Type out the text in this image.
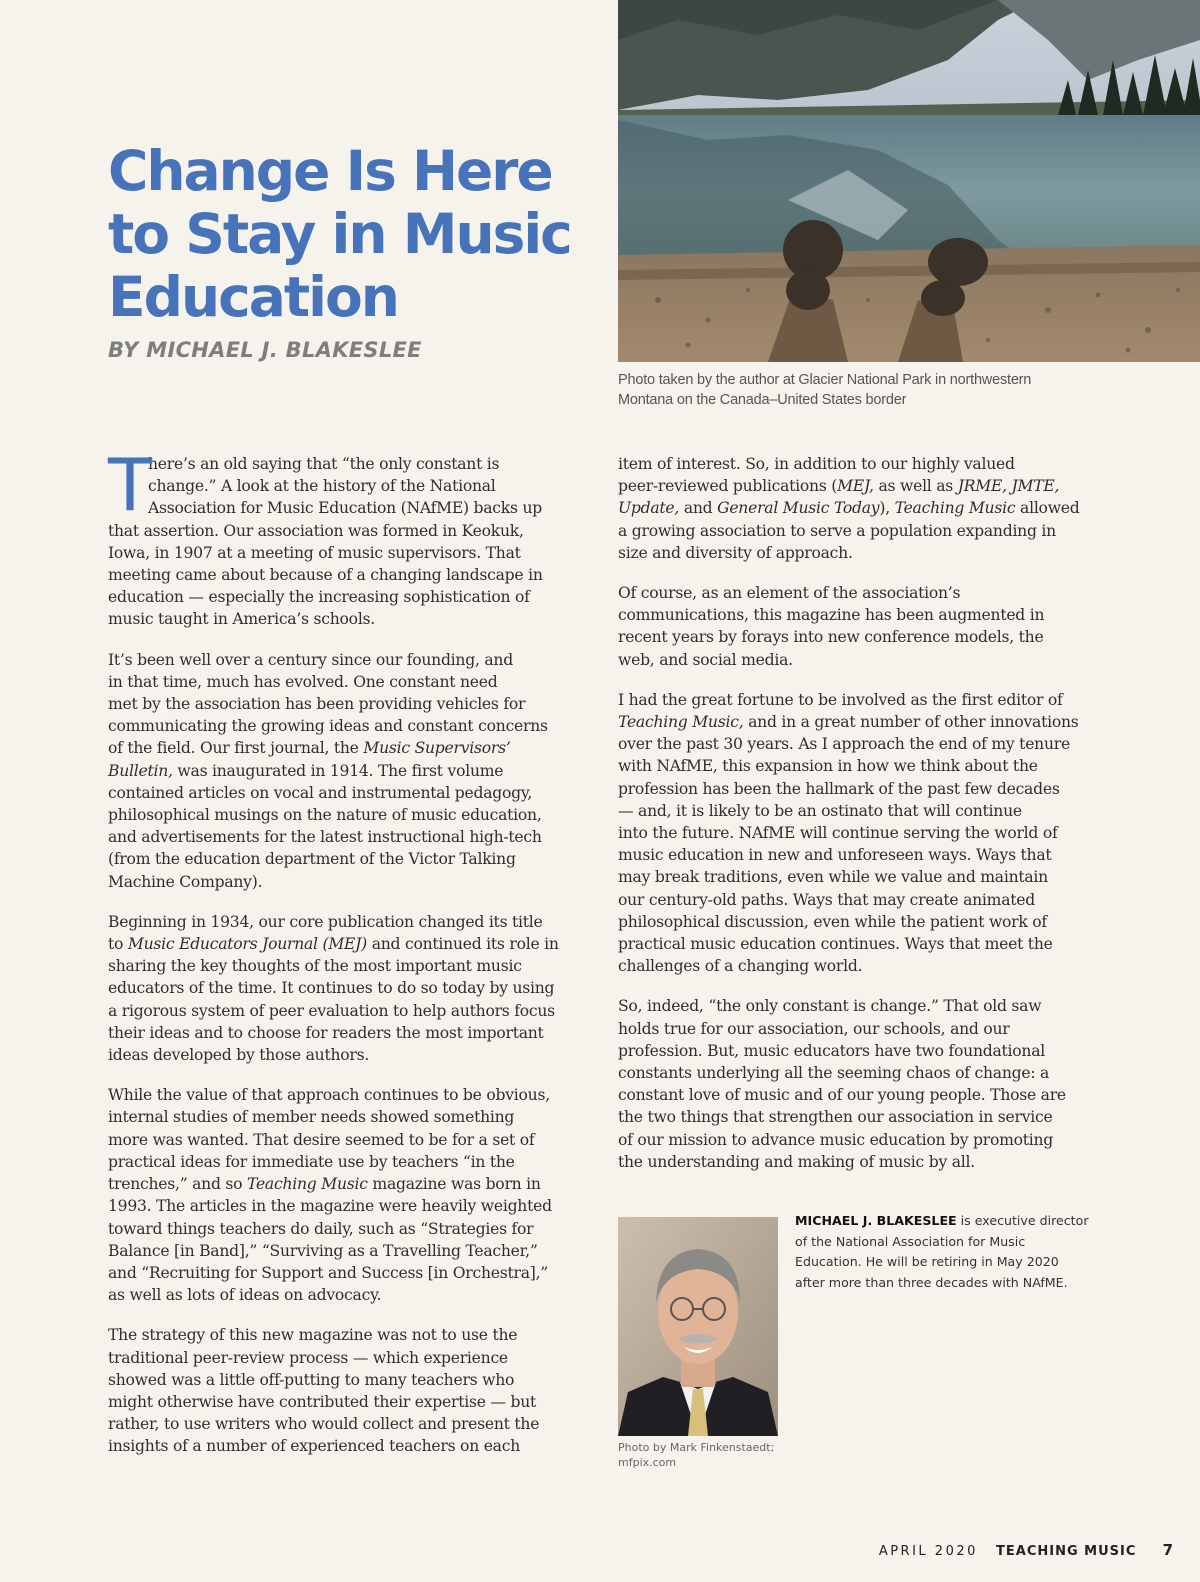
Change Is Here
to Stay in Music
Education
BY MICHAEL J. BLAKESLEE
Photo taken by the author at Glacier National Park in northwestern
Montana on the Canada–United States border

T
here’s an old saying that “the only constant is
change.” A look at the history of the National
Association for Music Education (NAfME) backs up
that assertion. Our association was formed in Keokuk,
Iowa, in 1907 at a meeting of music supervisors. That
meeting came about because of a changing landscape in
education — especially the increasing sophistication of
music taught in America’s schools.

It’s been well over a century since our founding, and
in that time, much has evolved. One constant need
met by the association has been providing vehicles for
communicating the growing ideas and constant concerns
of the field. Our first journal, the Music Supervisors’
Bulletin, was inaugurated in 1914. The first volume
contained articles on vocal and instrumental pedagogy,
philosophical musings on the nature of music education,
and advertisements for the latest instructional high-tech
(from the education department of the Victor Talking
Machine Company).

Beginning in 1934, our core publication changed its title
to Music Educators Journal (MEJ) and continued its role in
sharing the key thoughts of the most important music
educators of the time. It continues to do so today by using
a rigorous system of peer evaluation to help authors focus
their ideas and to choose for readers the most important
ideas developed by those authors.

While the value of that approach continues to be obvious,
internal studies of member needs showed something
more was wanted. That desire seemed to be for a set of
practical ideas for immediate use by teachers “in the
trenches,” and so Teaching Music magazine was born in
1993. The articles in the magazine were heavily weighted
toward things teachers do daily, such as “Strategies for
Balance [in Band],” “Surviving as a Travelling Teacher,”
and “Recruiting for Support and Success [in Orchestra],”
as well as lots of ideas on advocacy.

The strategy of this new magazine was not to use the
traditional peer-review process — which experience
showed was a little off-putting to many teachers who
might otherwise have contributed their expertise — but
rather, to use writers who would collect and present the
insights of a number of experienced teachers on each

item of interest. So, in addition to our highly valued
peer-reviewed publications (MEJ, as well as JRME, JMTE,
Update, and General Music Today), Teaching Music allowed
a growing association to serve a population expanding in
size and diversity of approach.

Of course, as an element of the association’s
communications, this magazine has been augmented in
recent years by forays into new conference models, the
web, and social media.

I had the great fortune to be involved as the first editor of
Teaching Music, and in a great number of other innovations
over the past 30 years. As I approach the end of my tenure
with NAfME, this expansion in how we think about the
profession has been the hallmark of the past few decades
— and, it is likely to be an ostinato that will continue
into the future. NAfME will continue serving the world of
music education in new and unforeseen ways. Ways that
may break traditions, even while we value and maintain
our century-old paths. Ways that may create animated
philosophical discussion, even while the patient work of
practical music education continues. Ways that meet the
challenges of a changing world.

So, indeed, “the only constant is change.” That old saw
holds true for our association, our schools, and our
profession. But, music educators have two foundational
constants underlying all the seeming chaos of change: a
constant love of music and of our young people. Those are
the two things that strengthen our association in service
of our mission to advance music education by promoting
the understanding and making of music by all.

Photo by Mark Finkenstaedt;
mfpix.com
MICHAEL J. BLAKESLEE is executive director
of the National Association for Music
Education. He will be retiring in May 2020
after more than three decades with NAfME.
APRIL 2020 TEACHING MUSIC 7
